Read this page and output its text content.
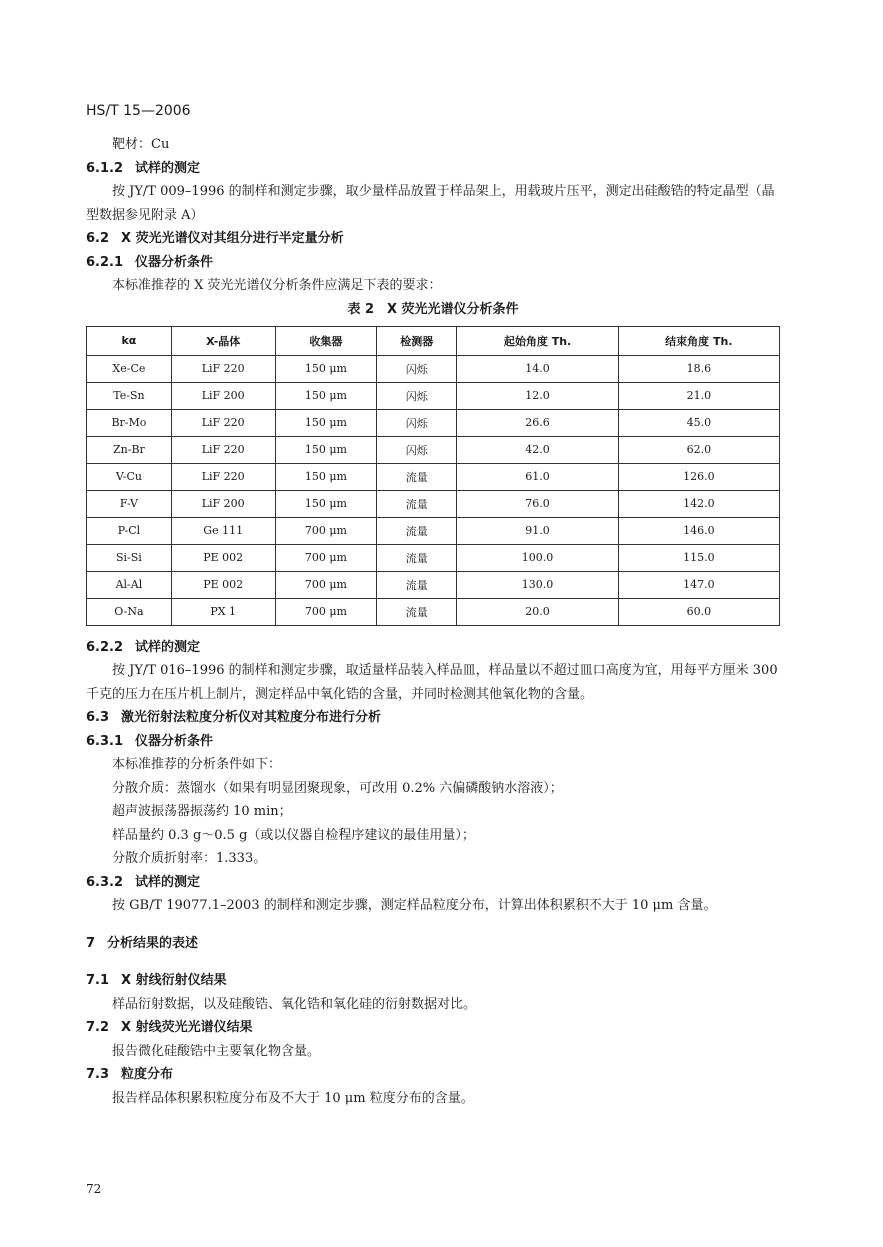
HS/T 15—2006

靶材：Cu

6.1.2 试样的测定

按 JY/T 009–1996 的制样和测定步骤，取少量样品放置于样品架上，用载玻片压平，测定出硅酸锆的特定晶型（晶型数据参见附录 A）

6.2 X 荧光光谱仪对其组分进行半定量分析
6.2.1 仪器分析条件

本标准推荐的 X 荧光光谱仪分析条件应满足下表的要求：

表 2　X 荧光光谱仪分析条件
kα	X-晶体	收集器	检测器	起始角度 Th.	结束角度 Th.
Xe-Ce	LiF 220	150 μm	闪烁	14.0	18.6
Te-Sn	LiF 200	150 μm	闪烁	12.0	21.0
Br-Mo	LiF 220	150 μm	闪烁	26.6	45.0
Zn-Br	LiF 220	150 μm	闪烁	42.0	62.0
V-Cu	LiF 220	150 μm	流量	61.0	126.0
F-V	LiF 200	150 μm	流量	76.0	142.0
P-Cl	Ge 111	700 μm	流量	91.0	146.0
Si-Si	PE 002	700 μm	流量	100.0	115.0
Al-Al	PE 002	700 μm	流量	130.0	147.0
O-Na	PX 1	700 μm	流量	20.0	60.0
6.2.2 试样的测定

按 JY/T 016–1996 的制样和测定步骤，取适量样品装入样品皿，样品量以不超过皿口高度为宜，用每平方厘米 300 千克的压力在压片机上制片，测定样品中氧化锆的含量，并同时检测其他氧化物的含量。

6.3 激光衍射法粒度分析仪对其粒度分布进行分析
6.3.1 仪器分析条件

本标准推荐的分析条件如下：

分散介质：蒸馏水（如果有明显团聚现象，可改用 0.2% 六偏磷酸钠水溶液）；

超声波振荡器振荡约 10 min；

样品量约 0.3 g～0.5 g（或以仪器自检程序建议的最佳用量）；

分散介质折射率：1.333。

6.3.2 试样的测定

按 GB/T 19077.1–2003 的制样和测定步骤，测定样品粒度分布，计算出体积累积不大于 10 μm 含量。

7 分析结果的表述
7.1 X 射线衍射仪结果

样品衍射数据，以及硅酸锆、氧化锆和氧化硅的衍射数据对比。

7.2 X 射线荧光光谱仪结果

报告微化硅酸锆中主要氧化物含量。

7.3 粒度分布

报告样品体积累积粒度分布及不大于 10 μm 粒度分布的含量。

72
